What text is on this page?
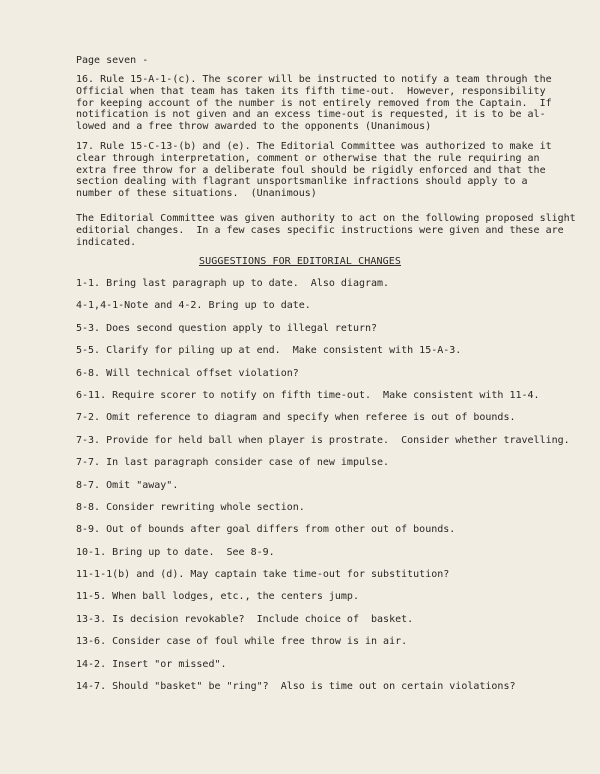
Page seven -
16. Rule 15-A-1-(c). The scorer will be instructed to notify a team through the
Official when that team has taken its fifth time-out.  However, responsibility
for keeping account of the number is not entirely removed from the Captain.  If
notification is not given and an excess time-out is requested, it is to be al-
lowed and a free throw awarded to the opponents (Unanimous)
17. Rule 15-C-13-(b) and (e). The Editorial Committee was authorized to make it
clear through interpretation, comment or otherwise that the rule requiring an
extra free throw for a deliberate foul should be rigidly enforced and that the
section dealing with flagrant unsportsmanlike infractions should apply to a
number of these situations.  (Unanimous)
The Editorial Committee was given authority to act on the following proposed slight
editorial changes.  In a few cases specific instructions were given and these are
indicated.
SUGGESTIONS FOR EDITORIAL CHANGES
1-1. Bring last paragraph up to date.  Also diagram.
4-1,4-1-Note and 4-2. Bring up to date.
5-3. Does second question apply to illegal return?
5-5. Clarify for piling up at end.  Make consistent with 15-A-3.
6-8. Will technical offset violation?
6-11. Require scorer to notify on fifth time-out.  Make consistent with 11-4.
7-2. Omit reference to diagram and specify when referee is out of bounds.
7-3. Provide for held ball when player is prostrate.  Consider whether travelling.
7-7. In last paragraph consider case of new impulse.
8-7. Omit "away".
8-8. Consider rewriting whole section.
8-9. Out of bounds after goal differs from other out of bounds.
10-1. Bring up to date.  See 8-9.
11-1-1(b) and (d). May captain take time-out for substitution?
11-5. When ball lodges, etc., the centers jump.
13-3. Is decision revokable?  Include choice of  basket.
13-6. Consider case of foul while free throw is in air.
14-2. Insert "or missed".
14-7. Should "basket" be "ring"?  Also is time out on certain violations?
